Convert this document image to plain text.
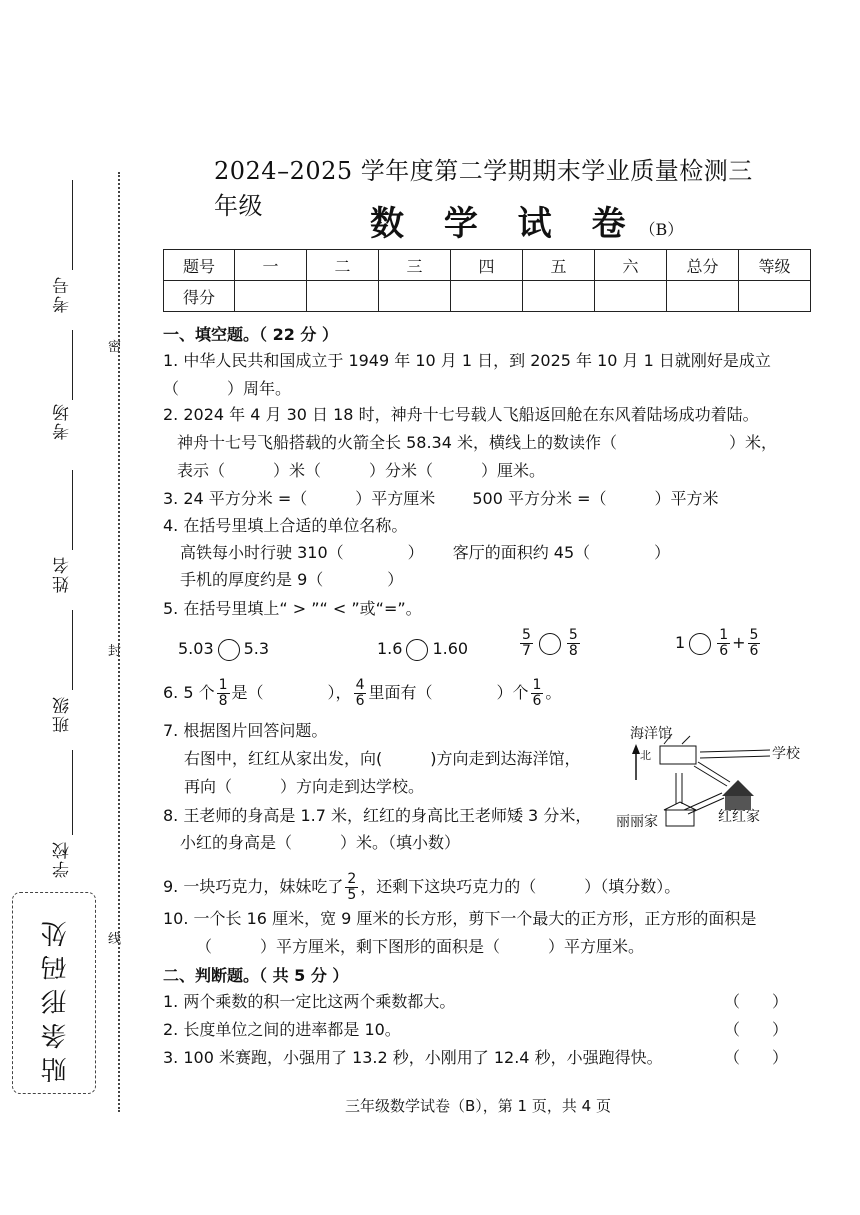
考号
考场
姓名
班级
学校
密
封
线
贴条形码处
2024–2025 学年度第二学期期末学业质量检测三年级	数 学 试 卷（B）
题号	一	二	三	四	五	六	总分	等级
得分								
一、填空题。（ 22 分 ）
1. 中华人民共和国成立于 1949 年 10 月 1 日，到 2025 年 10 月 1 日就刚好是成立
（　　　）周年。
2. 2024 年 4 月 30 日 18 时，神舟十七号载人飞船返回舱在东风着陆场成功着陆。
神舟十七号飞船搭载的火箭全长 58.34 米，横线上的数读作（　　　　　　　）米，
表示（　　　）米（　　　）分米（　　　）厘米。
3. 24 平方分米 =（　　　）平方厘米　　 500 平方分米 =（　　　）平方米
4. 在括号里填上合适的单位名称。
高铁每小时行驶 310（　　　　）　　 客厅的面积约 45（　　　　）
手机的厚度约是 9（　　　　）
5. 在括号里填上“ > ”“ < ”或“=”。
5.03 5.3	1.6 1.60	$\frac{5}{7} \frac{5}{8}$	$1 \frac{1}{6} + \frac{5}{6}$
6. 5 个 $\frac{1}{8}$ 是（　　　　）， $\frac{4}{6}$ 里面有（　　　　）个 $\frac{1}{6}$ 。
7. 根据图片回答问题。
右图中，红红从家出发，向(　　　)方向走到达海洋馆，
再向（　　　）方向走到达学校。
海洋馆
北	学校
丽丽家	红红家
8. 王老师的身高是 1.7 米，红红的身高比王老师矮 3 分米，
小红的身高是（　　　）米。（填小数）
9. 一块巧克力，妹妹吃了 $\frac{2}{5}$ ，还剩下这块巧克力的（　　　）（填分数）。
10. 一个长 16 厘米，宽 9 厘米的长方形，剪下一个最大的正方形，正方形的面积是
（　　　）平方厘米，剩下图形的面积是（　　　）平方厘米。
二、判断题。（ 共 5 分 ）
1. 两个乘数的积一定比这两个乘数都大。	（　　）
2. 长度单位之间的进率都是 10。	（　　）
3. 100 米赛跑，小强用了 13.2 秒，小刚用了 12.4 秒，小强跑得快。	（　　）
三年级数学试卷（B），第 1 页，共 4 页
